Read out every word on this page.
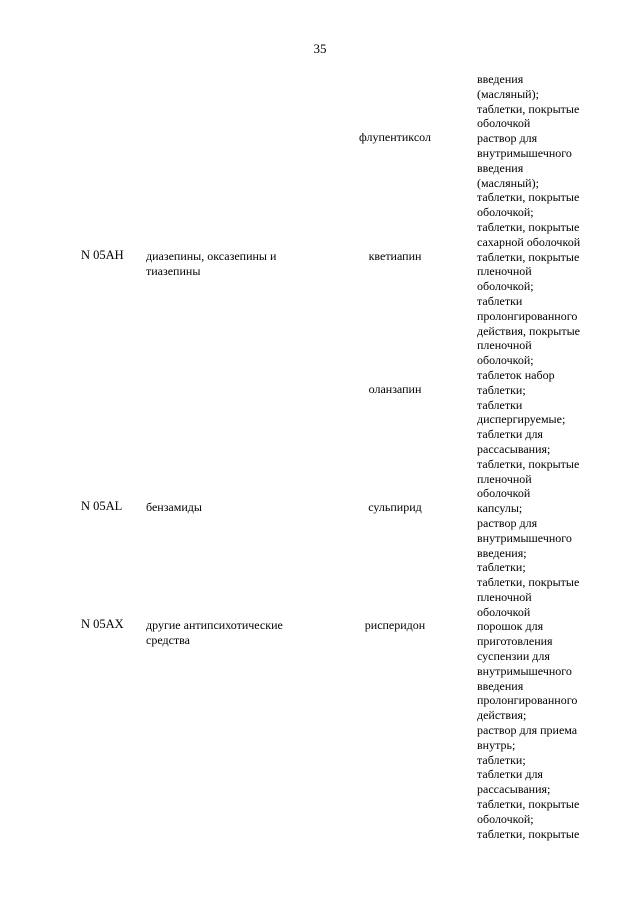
35
флупентиксол
N 05AH диазепины, оксазепины и тиазепины
кветиапин
оланзапин
N 05AL бензамиды	сульпирид
N 05AX другие антипсихотические средства
рисперидон
введения
(масляный);
таблетки, покрытые
оболочкой
раствор для
внутримышечного
введения
(масляный);
таблетки, покрытые
оболочкой;
таблетки, покрытые
сахарной оболочкой
таблетки, покрытые
пленочной
оболочкой;
таблетки
пролонгированного
действия, покрытые
пленочной
оболочкой;
таблеток набор
таблетки;
таблетки
диспергируемые;
таблетки для
рассасывания;
таблетки, покрытые
пленочной
оболочкой
капсулы;
раствор для
внутримышечного
введения;
таблетки;
таблетки, покрытые
пленочной
оболочкой
порошок для
приготовления
суспензии для
внутримышечного
введения
пролонгированного
действия;
раствор для приема
внутрь;
таблетки;
таблетки для
рассасывания;
таблетки, покрытые
оболочкой;
таблетки, покрытые
